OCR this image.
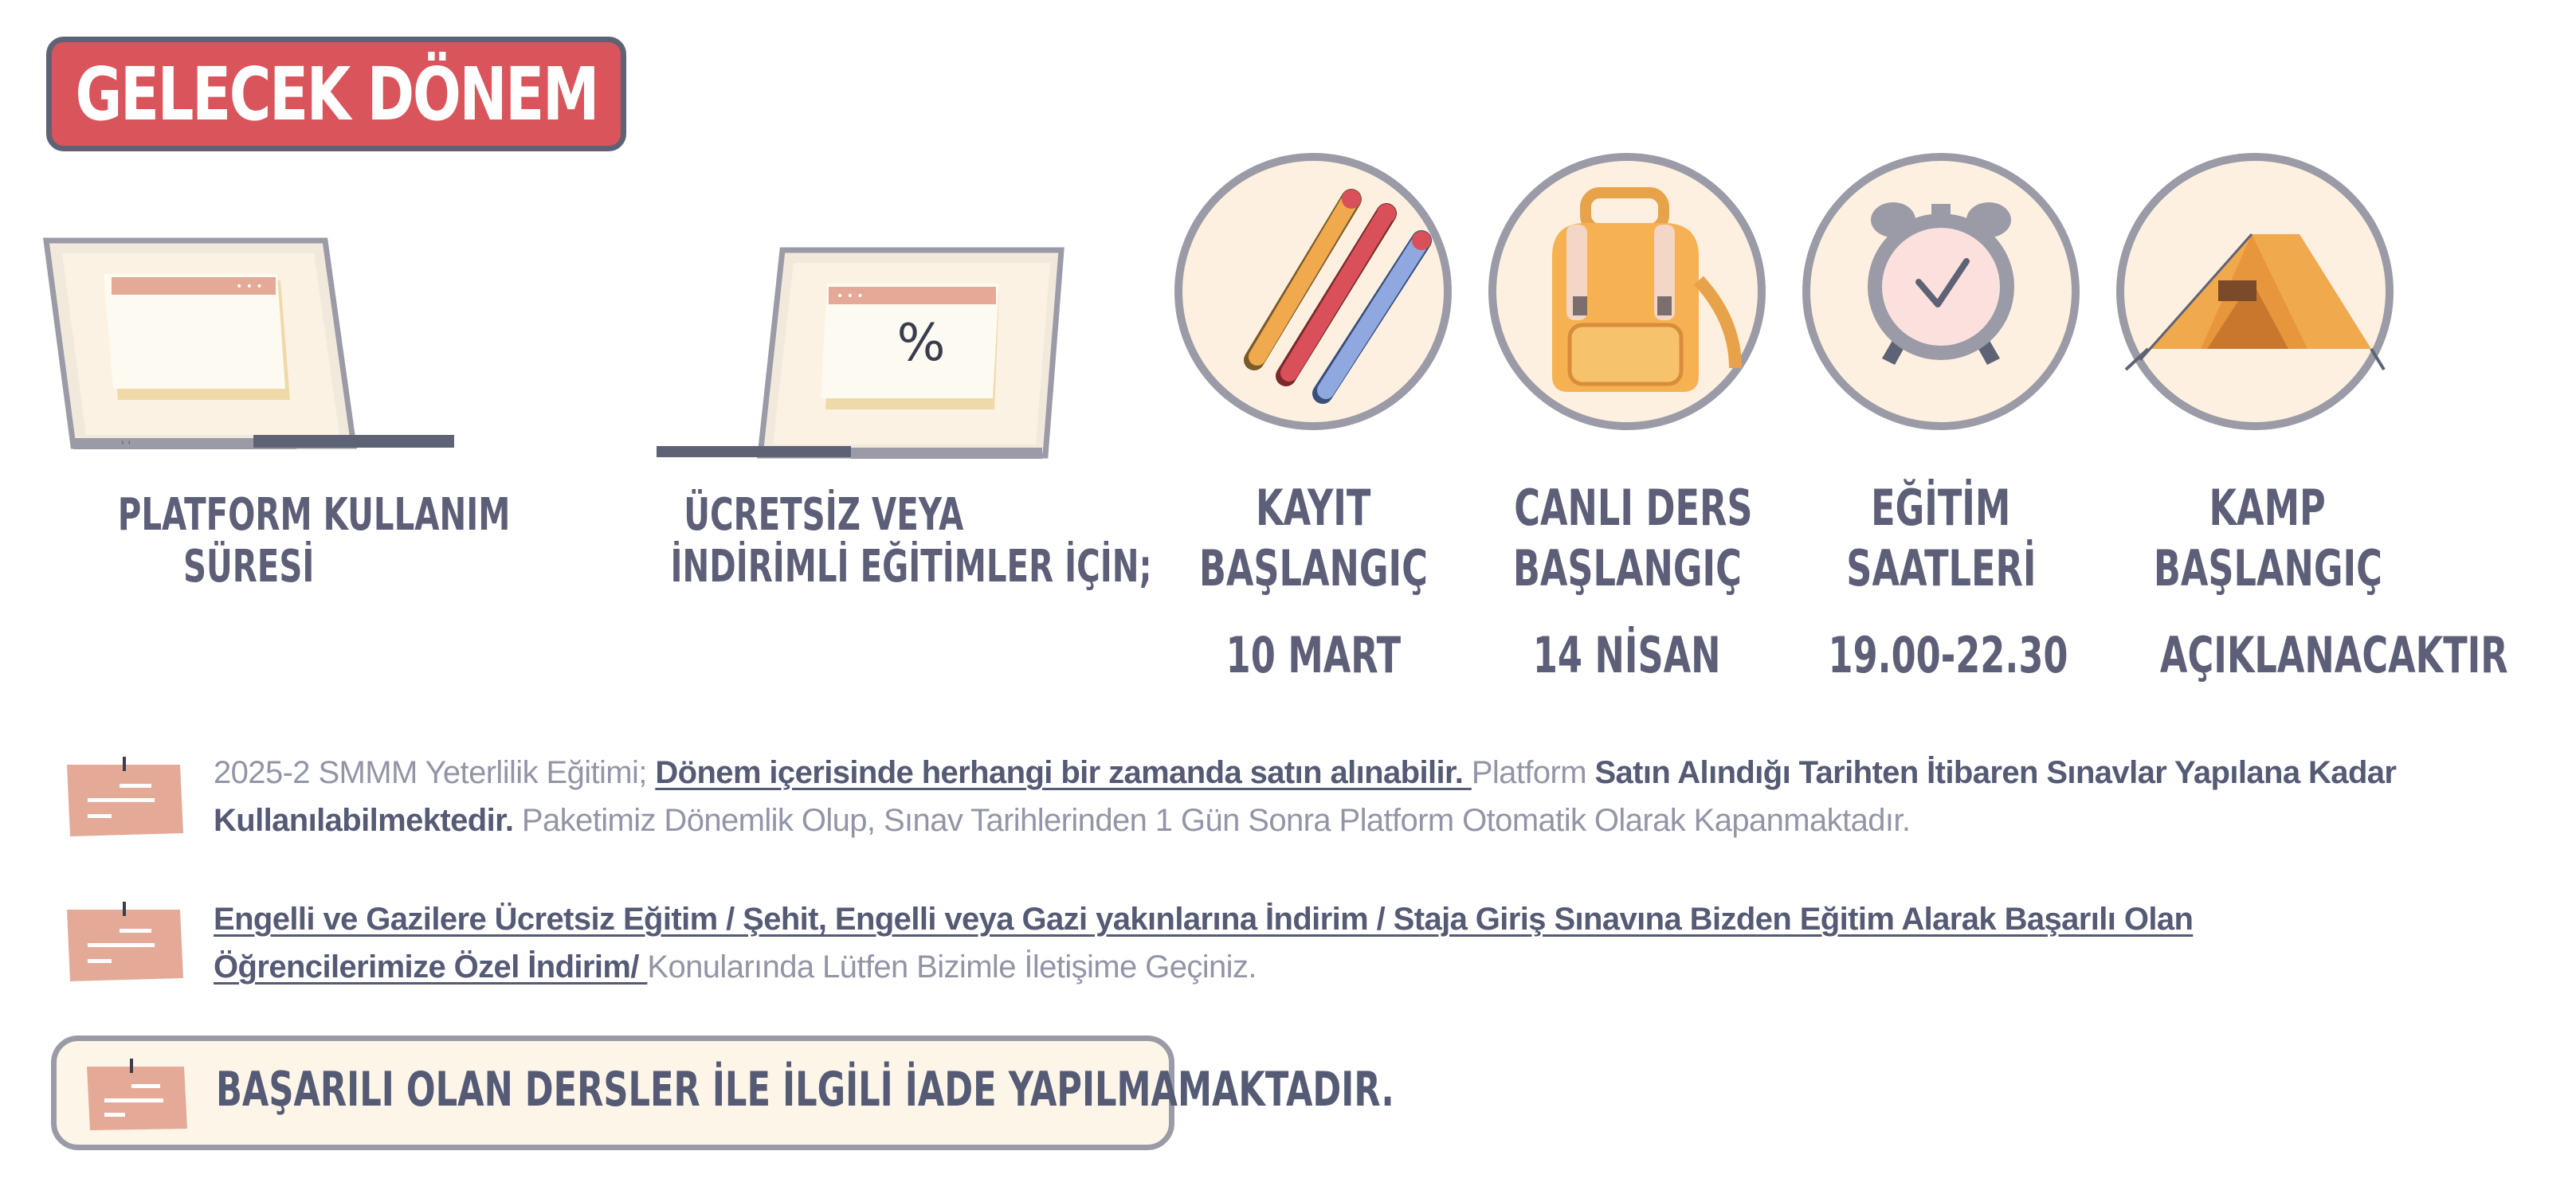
GELECEK DÖNEM
• • •
' '
PLATFORM KULLANIM
SÜRESİ
• • •
%
ÜCRETSİZ VEYA
İNDİRİMLİ EĞİTİMLER İÇİN;
KAYIT
BAŞLANGIÇ
10 MART
CANLI DERS
BAŞLANGIÇ
14 NİSAN
EĞİTİM
SAATLERİ
19.00-22.30
KAMP
BAŞLANGIÇ
AÇIKLANACAKTIR
2025-2 SMMM Yeterlilik Eğitimi; Dönem içerisinde herhangi bir zamanda satın alınabilir. Platform Satın Alındığı Tarihten İtibaren Sınavlar Yapılana Kadar Kullanılabilmektedir. Paketimiz Dönemlik Olup, Sınav Tarihlerinden 1 Gün Sonra Platform Otomatik Olarak Kapanmaktadır.
Engelli ve Gazilere Ücretsiz Eğitim / Şehit, Engelli veya Gazi yakınlarına İndirim / Staja Giriş Sınavına Bizden Eğitim Alarak Başarılı Olan Öğrencilerimize Özel İndirim/ Konularında Lütfen Bizimle İletişime Geçiniz.
BAŞARILI OLAN DERSLER İLE İLGİLİ İADE YAPILMAMAKTADIR.
